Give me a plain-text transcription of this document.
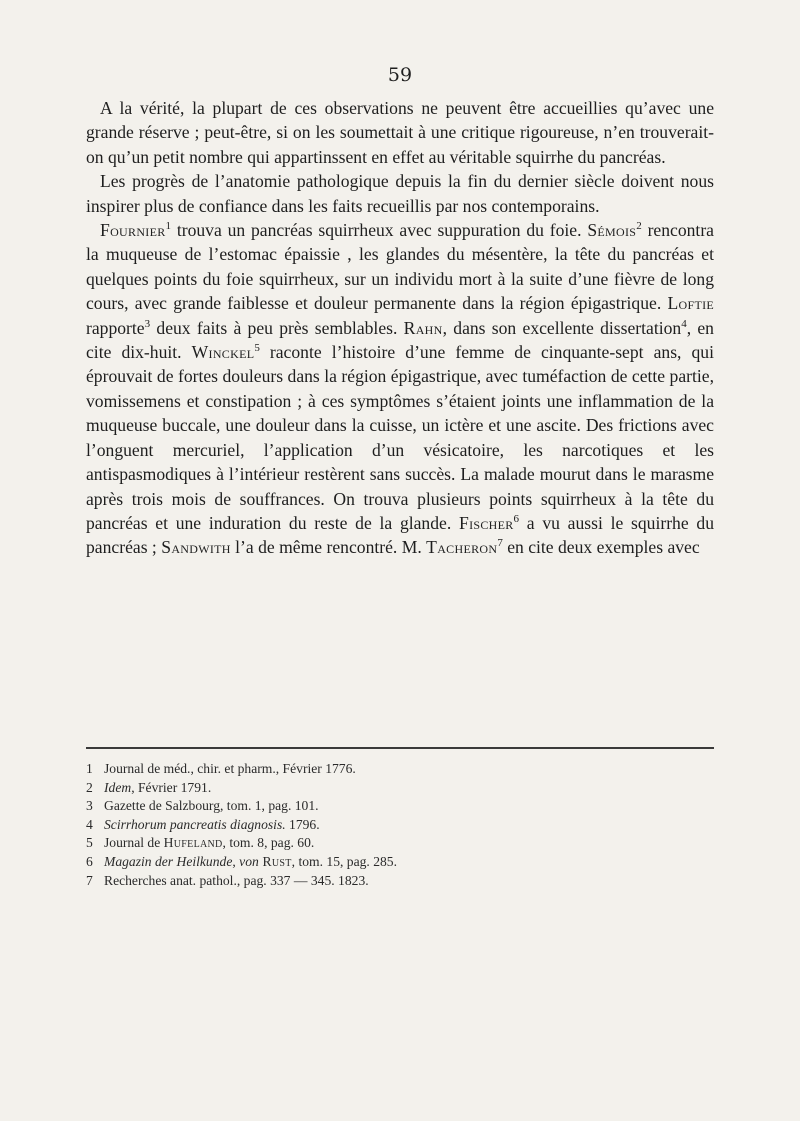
59

A la vérité, la plupart de ces observations ne peuvent être accueillies qu’avec une grande réserve ; peut-être, si on les soumettait à une critique rigoureuse, n’en trouverait-on qu’un petit nombre qui appartinssent en effet au véritable squirrhe du pancréas.

Les progrès de l’anatomie pathologique depuis la fin du dernier siècle doivent nous inspirer plus de confiance dans les faits recueillis par nos contemporains.

Fournier$^1$ trouva un pancréas squirrheux avec suppuration du foie. Sémois$^2$ rencontra la muqueuse de l’estomac épaissie , les glandes du mésentère, la tête du pancréas et quelques points du foie squirrheux, sur un individu mort à la suite d’une fièvre de long cours, avec grande faiblesse et douleur permanente dans la région épigastrique. Loftie rapporte$^3$ deux faits à peu près semblables. Rahn, dans son excellente dissertation$^4$, en cite dix-huit. Winckel$^5$ raconte l’histoire d’une femme de cinquante-sept ans, qui éprouvait de fortes douleurs dans la région épigastrique, avec tuméfaction de cette partie, vomissemens et constipation ; à ces symptômes s’étaient joints une inflammation de la muqueuse buccale, une douleur dans la cuisse, un ictère et une ascite. Des frictions avec l’onguent mercuriel, l’application d’un vésicatoire, les narcotiques et les antispasmodiques à l’intérieur restèrent sans succès. La malade mourut dans le marasme après trois mois de souffrances. On trouva plusieurs points squirrheux à la tête du pancréas et une induration du reste de la glande. Fischer$^6$ a vu aussi le squirrhe du pancréas ; Sandwith l’a de même rencontré. M. Tacheron$^7$ en cite deux exemples avec

1 Journal de méd., chir. et pharm., Février 1776.
2 Idem, Février 1791.
3 Gazette de Salzbourg, tom. 1, pag. 101.
4 Scirrhorum pancreatis diagnosis. 1796.
5 Journal de Hufeland, tom. 8, pag. 60.
6 Magazin der Heilkunde, von Rust, tom. 15, pag. 285.
7 Recherches anat. pathol., pag. 337 — 345. 1823.
